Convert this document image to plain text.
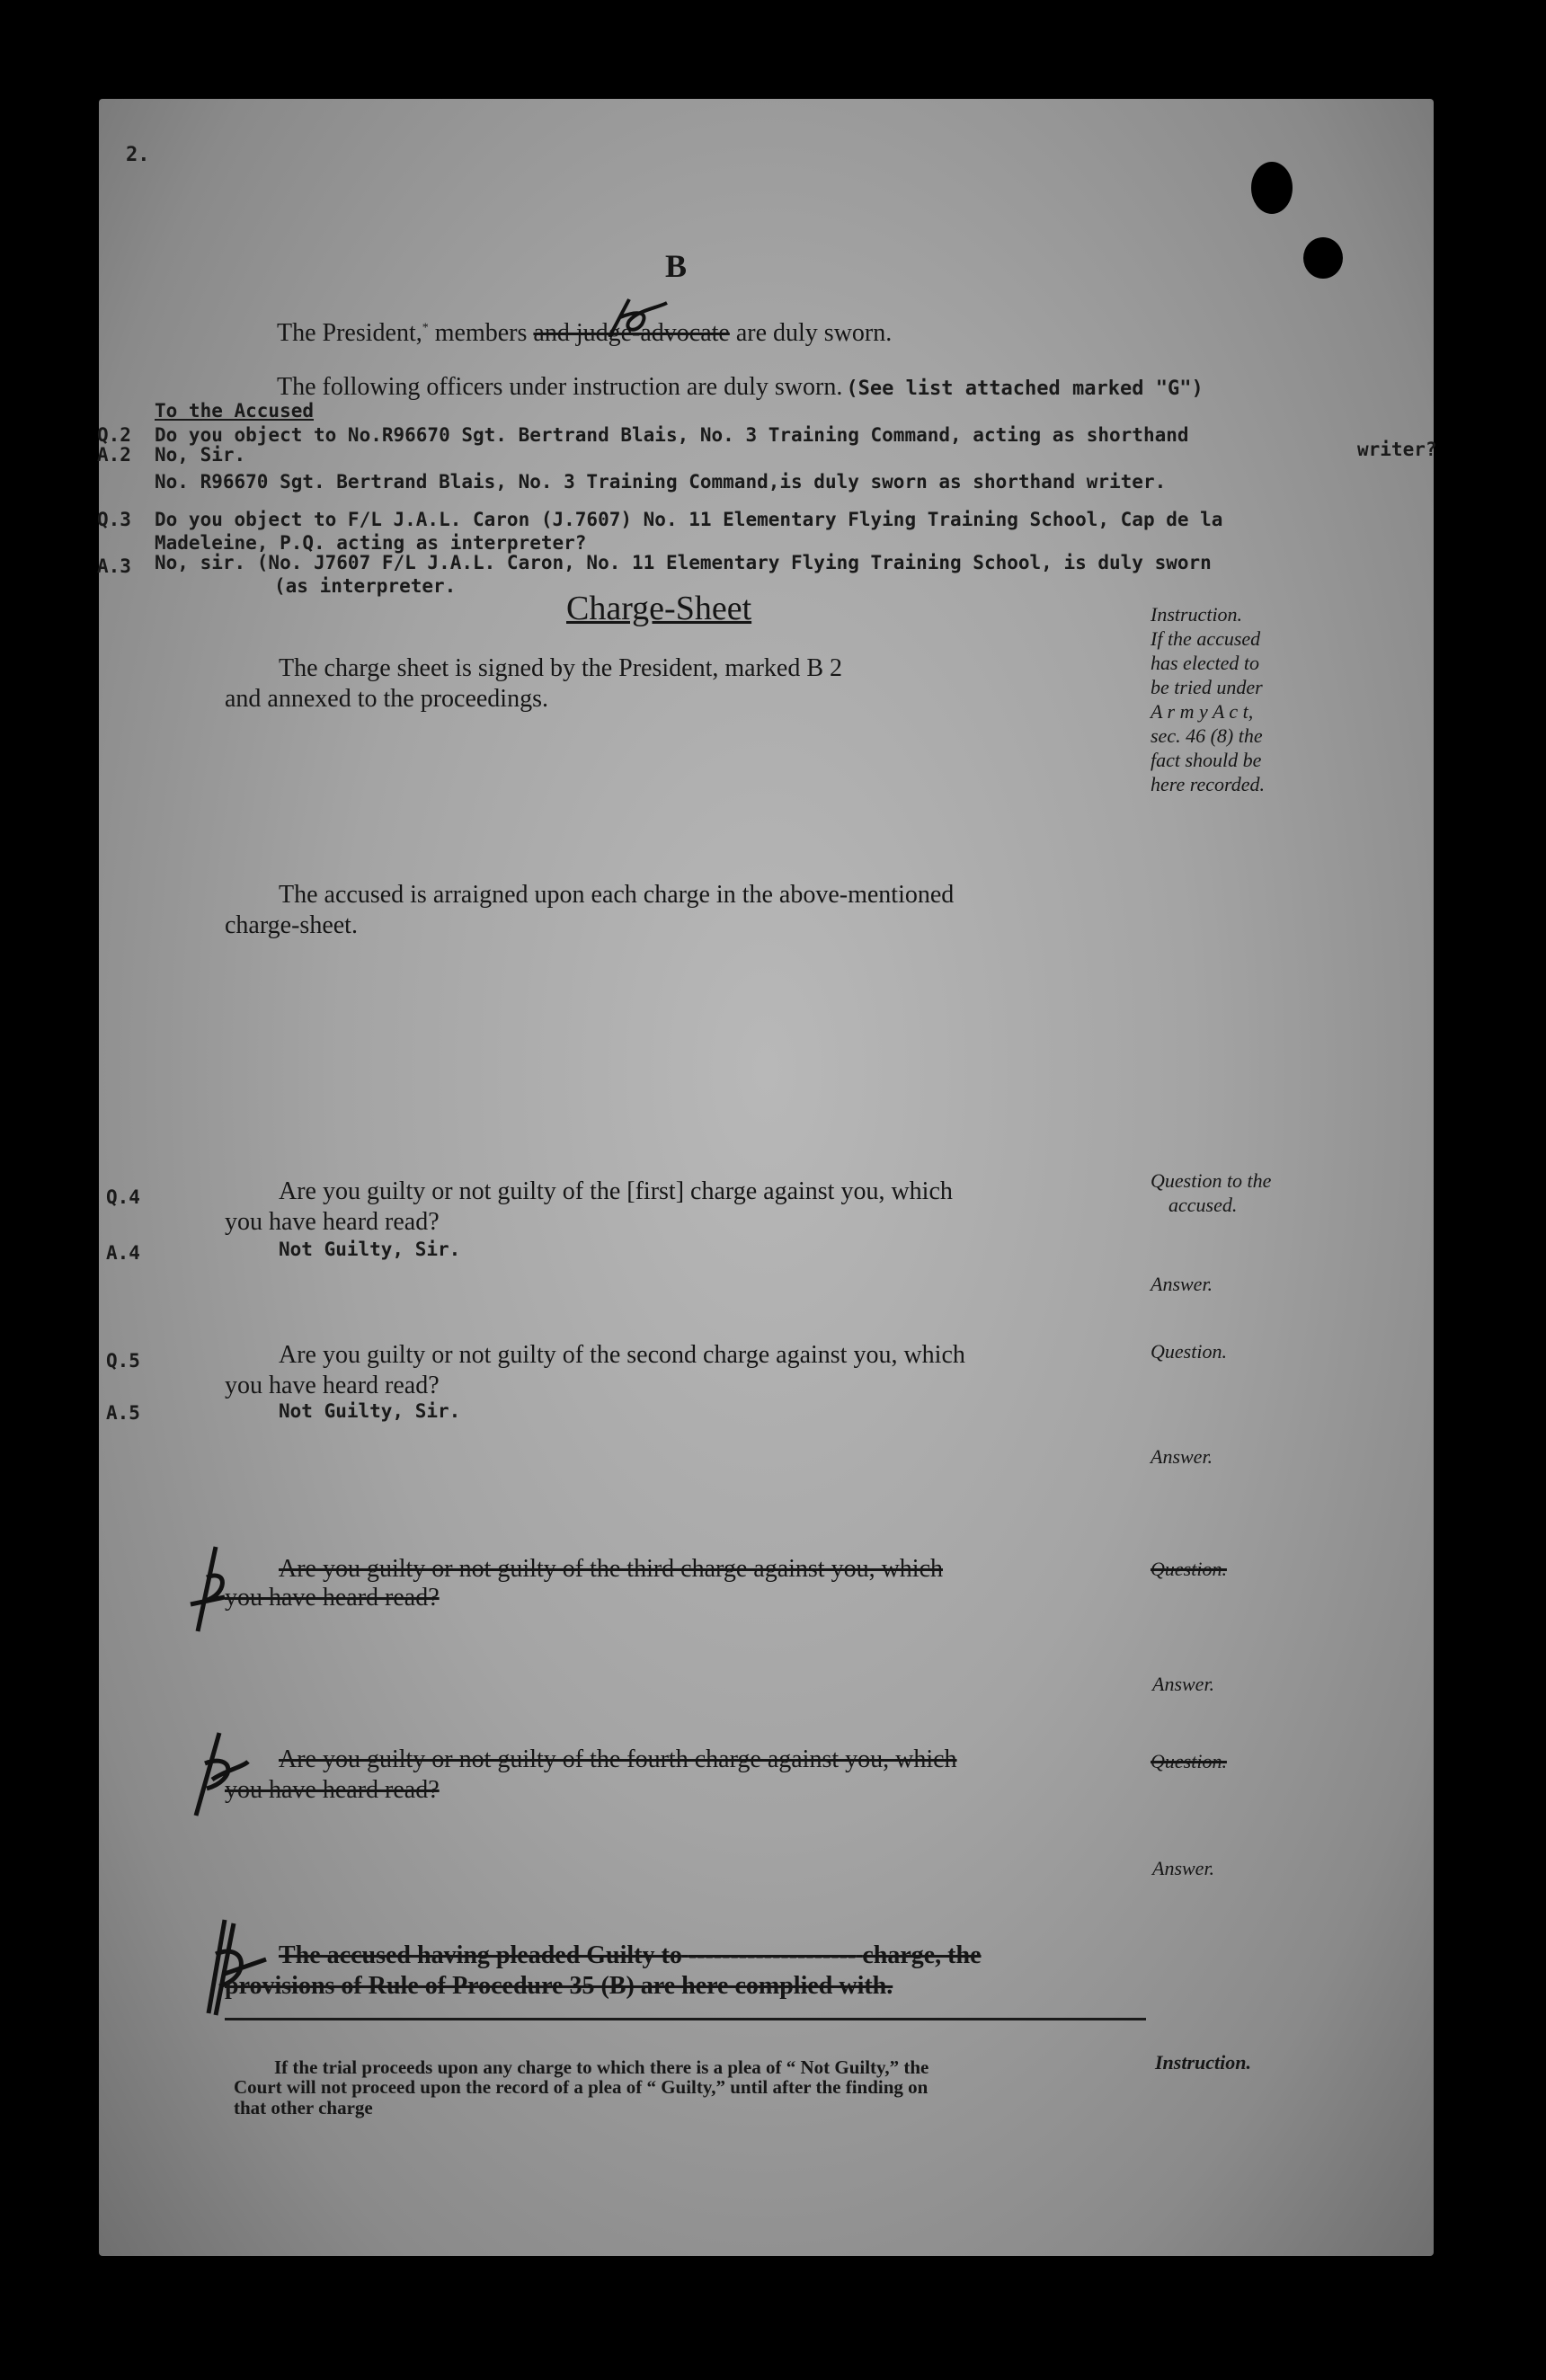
2.
B
The President,* members and judge-advocate are duly sworn.
The following officers under instruction are duly sworn. (See list attached marked "G")
To the Accused
Q.2 Do you object to No.R96670 Sgt. Bertrand Blais, No. 3 Training Command, acting as shorthand
writer?
A.2 No, Sir.
No. R96670 Sgt. Bertrand Blais, No. 3 Training Command,is duly sworn as shorthand writer.
Q.3 Do you object to F/L J.A.L. Caron (J.7607) No. 11 Elementary Flying Training School, Cap de la
Madeleine, P.Q. acting as interpreter?
A.3 No, sir. (No. J7607 F/L J.A.L. Caron, No. 11 Elementary Flying Training School, is duly sworn
(as interpreter.
Charge-Sheet
The charge sheet is signed by the President, marked B 2
and annexed to the proceedings.
Instruction.
If the accused
has elected to
be tried under
A r m y A c t,
sec. 46 (8) the
fact should be
here recorded.
The accused is arraigned upon each charge in the above-mentioned
charge-sheet.
Q.4	Are you guilty or not guilty of the [first] charge against you, which
you have heard read?
Question to the
accused.
A.4	Not Guilty, Sir.
Answer.
Q.5	Are you guilty or not guilty of the second charge against you, which
you have heard read?
Question.
A.5	Not Guilty, Sir.
Answer.
Are you guilty or not guilty of the third charge against you, which
you have heard read?
Question.
Answer.
Are you guilty or not guilty of the fourth charge against you, which
you have heard read?
Question.
Answer.
The accused having pleaded Guilty to -------------------- charge, the
provisions of Rule of Procedure 35 (B) are here complied with.
If the trial proceeds upon any charge to which there is a plea of “ Not Guilty,” the	Instruction.
Court will not proceed upon the record of a plea of “ Guilty,” until after the finding on
that other charge
